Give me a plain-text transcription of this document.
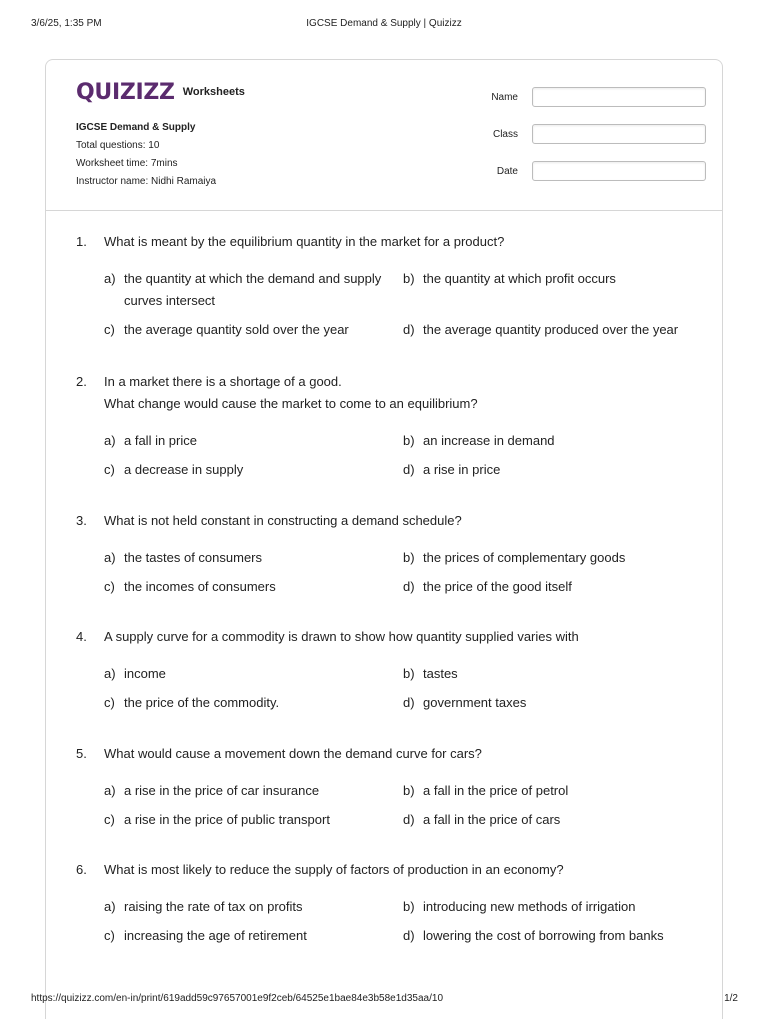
3/6/25, 1:35 PM	IGCSE Demand & Supply | Quizizz
QUIZIZZ Worksheets
IGCSE Demand & Supply
Total questions: 10
Worksheet time: 7mins
Instructor name: Nidhi Ramaiya
Name
Class
Date
1. What is meant by the equilibrium quantity in the market for a product?
a) the quantity at which the demand and supply
curves intersect
b) the quantity at which profit occurs
c) the average quantity sold over the year	d) the average quantity produced over the year
2. In a market there is a shortage of a good.
What change would cause the market to come to an equilibrium?
a) a fall in price	b) an increase in demand
c) a decrease in supply	d) a rise in price
3. What is not held constant in constructing a demand schedule?
a) the tastes of consumers	b) the prices of complementary goods
c) the incomes of consumers	d) the price of the good itself
4. A supply curve for a commodity is drawn to show how quantity supplied varies with
a) income	b) tastes
c) the price of the commodity.	d) government taxes
5. What would cause a movement down the demand curve for cars?
a) a rise in the price of car insurance	b) a fall in the price of petrol
c) a rise in the price of public transport	d) a fall in the price of cars
6. What is most likely to reduce the supply of factors of production in an economy?
a) raising the rate of tax on profits	b) introducing new methods of irrigation
c) increasing the age of retirement	d) lowering the cost of borrowing from banks
https://quizizz.com/en-in/print/619add59c97657001e9f2ceb/64525e1bae84e3b58e1d35aa/10	1/2
